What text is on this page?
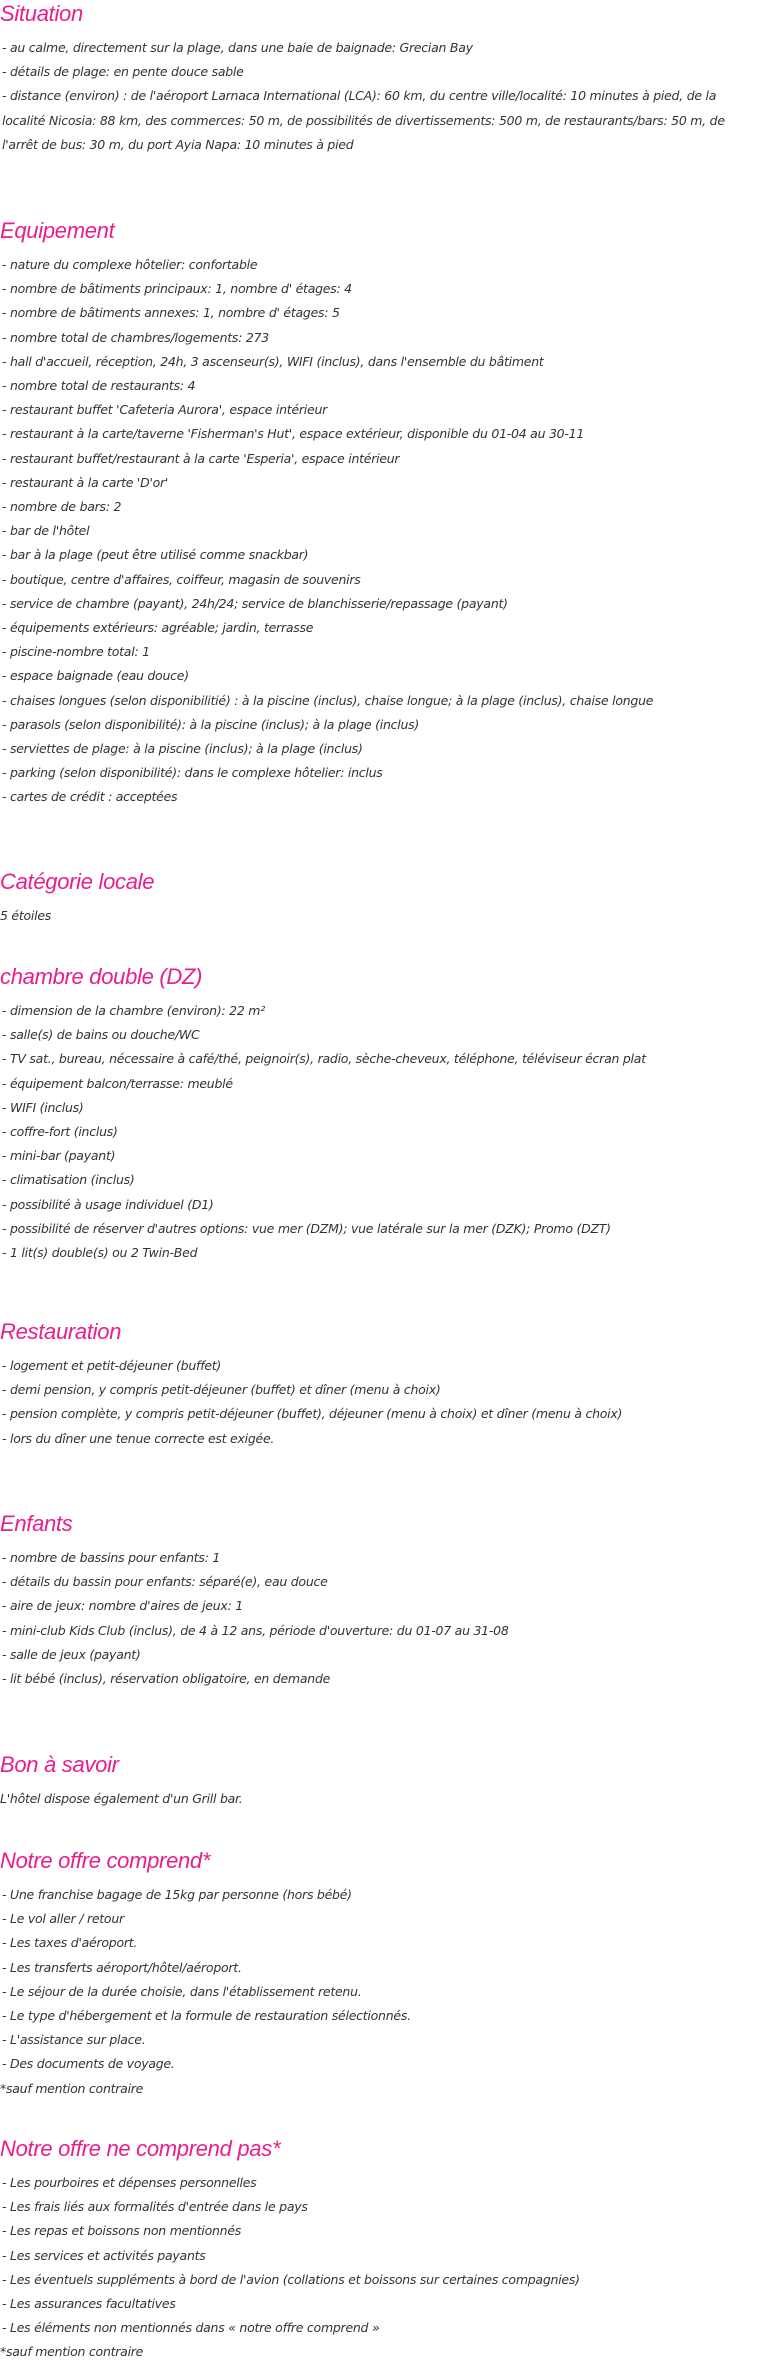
Situation

- au calme, directement sur la plage, dans une baie de baignade: Grecian Bay

- détails de plage: en pente douce sable

- distance (environ) : de l'aéroport Larnaca International (LCA): 60 km, du centre ville/localité: 10 minutes à pied, de la localité Nicosia: 88 km, des commerces: 50 m, de possibilités de divertissements: 500 m, de restaurants/bars: 50 m, de l'arrêt de bus: 30 m, du port Ayia Napa: 10 minutes à pied

Equipement

- nature du complexe hôtelier: confortable

- nombre de bâtiments principaux: 1, nombre d' étages: 4

- nombre de bâtiments annexes: 1, nombre d' étages: 5

- nombre total de chambres/logements: 273

- hall d'accueil, réception, 24h, 3 ascenseur(s), WIFI (inclus), dans l'ensemble du bâtiment

- nombre total de restaurants: 4

- restaurant buffet 'Cafeteria Aurora', espace intérieur

- restaurant à la carte/taverne 'Fisherman's Hut', espace extérieur, disponible du 01-04 au 30-11

- restaurant buffet/restaurant à la carte 'Esperia', espace intérieur

- restaurant à la carte 'D'or'

- nombre de bars: 2

- bar de l'hôtel

- bar à la plage (peut être utilisé comme snackbar)

- boutique, centre d'affaires, coiffeur, magasin de souvenirs

- service de chambre (payant), 24h/24; service de blanchisserie/repassage (payant)

- équipements extérieurs: agréable; jardin, terrasse

- piscine-nombre total: 1

- espace baignade (eau douce)

- chaises longues (selon disponibilitié) : à la piscine (inclus), chaise longue; à la plage (inclus), chaise longue

- parasols (selon disponibilité): à la piscine (inclus); à la plage (inclus)

- serviettes de plage: à la piscine (inclus); à la plage (inclus)

- parking (selon disponibilité): dans le complexe hôtelier: inclus

- cartes de crédit : acceptées

Catégorie locale

5 étoiles

chambre double (DZ)

- dimension de la chambre (environ): 22 m²

- salle(s) de bains ou douche/WC

- TV sat., bureau, nécessaire à café/thé, peignoir(s), radio, sèche-cheveux, téléphone, téléviseur écran plat

- équipement balcon/terrasse: meublé

- WIFI (inclus)

- coffre-fort (inclus)

- mini-bar (payant)

- climatisation (inclus)

- possibilité à usage individuel (D1)

- possibilité de réserver d'autres options: vue mer (DZM); vue latérale sur la mer (DZK); Promo (DZT)

- 1 lit(s) double(s) ou 2 Twin-Bed

Restauration

- logement et petit-déjeuner (buffet)

- demi pension, y compris petit-déjeuner (buffet) et dîner (menu à choix)

- pension complète, y compris petit-déjeuner (buffet), déjeuner (menu à choix) et dîner (menu à choix)

- lors du dîner une tenue correcte est exigée.

Enfants

- nombre de bassins pour enfants: 1

- détails du bassin pour enfants: séparé(e), eau douce

- aire de jeux: nombre d'aires de jeux: 1

- mini-club Kids Club (inclus), de 4 à 12 ans, période d'ouverture: du 01-07 au 31-08

- salle de jeux (payant)

- lit bébé (inclus), réservation obligatoire, en demande

Bon à savoir

L'hôtel dispose également d'un Grill bar.

Notre offre comprend*

- Une franchise bagage de 15kg par personne (hors bébé)

- Le vol aller / retour

- Les taxes d'aéroport.

- Les transferts aéroport/hôtel/aéroport.

- Le séjour de la durée choisie, dans l'établissement retenu.

- Le type d'hébergement et la formule de restauration sélectionnés.

- L'assistance sur place.

- Des documents de voyage.

*sauf mention contraire

Notre offre ne comprend pas*

- Les pourboires et dépenses personnelles

- Les frais liés aux formalités d'entrée dans le pays

- Les repas et boissons non mentionnés

- Les services et activités payants

- Les éventuels suppléments à bord de l'avion (collations et boissons sur certaines compagnies)

- Les assurances facultatives

- Les éléments non mentionnés dans « notre offre comprend »

*sauf mention contraire
